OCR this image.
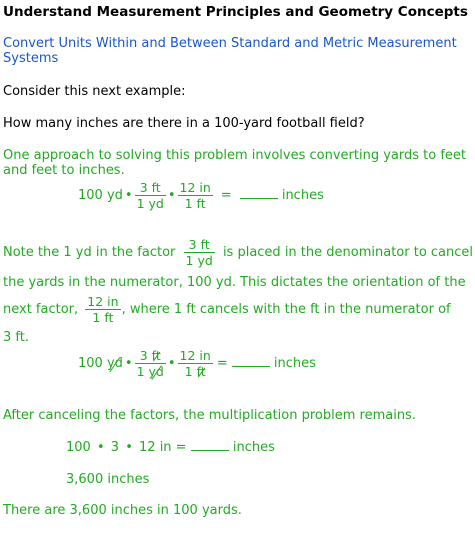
Understand Measurement Principles and Geometry Concepts
Convert Units Within and Between Standard and Metric Measurement
Systems
Consider this next example:
How many inches are there in a 100-yard football field?
One approach to solving this problem involves converting yards to feet
and feet to inches.
100 yd • $\frac{3 ft}{1 yd}$ • $\frac{12 in}{1 ft}$ =	inches
Note the 1 yd in the factor $\frac{3 ft}{1 yd}$ is placed in the denominator to cancel
the yards in the numerator, 100 yd. This dictates the orientation of the
next factor, $\frac{12 in}{1 ft}$ , where 1 ft cancels with the ft in the numerator of
3 ft.
100 yd • $\frac{3 ft}{1 yd}$ • $\frac{12 in}{1 ft}$ =	inches
After canceling the factors, the multiplication problem remains.
100 • 3 • 12 in =	inches
3,600 inches
There are 3,600 inches in 100 yards.
